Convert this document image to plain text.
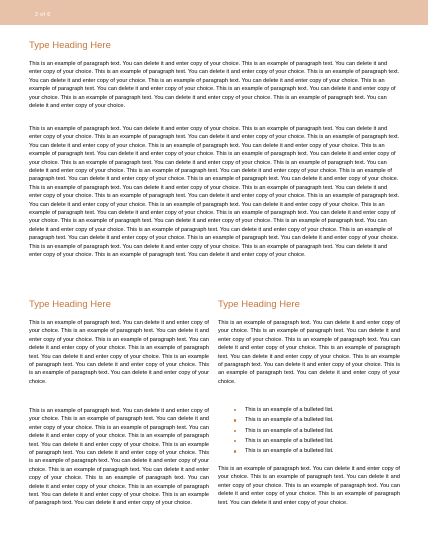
2 of 6
Type Heading Here

This is an example of paragraph text. You can delete it and enter copy of your choice. This is an example of paragraph text. You can delete it and enter copy of your choice. This is an example of paragraph text. You can delete it and enter copy of your choice. This is an example of paragraph text. You can delete it and enter copy of your choice. This is an example of paragraph text. You can delete it and enter copy of your choice. This is an example of paragraph text. You can delete it and enter copy of your choice. This is an example of paragraph text. You can delete it and enter copy of your choice. This is an example of paragraph text. You can delete it and enter copy of your choice. This is an example of paragraph text. You can delete it and enter copy of your choice.

This is an example of paragraph text. You can delete it and enter copy of your choice. This is an example of paragraph text. You can delete it and enter copy of your choice. This is an example of paragraph text. You can delete it and enter copy of your choice. This is an example of paragraph text. You can delete it and enter copy of your choice. This is an example of paragraph text. You can delete it and enter copy of your choice. This is an example of paragraph text. You can delete it and enter copy of your choice. This is an example of paragraph text. You can delete it and enter copy of your choice. This is an example of paragraph text. You can delete it and enter copy of your choice. This is an example of paragraph text. You can delete it and enter copy of your choice. This is an example of paragraph text. You can delete it and enter copy of your choice. This is an example of paragraph text. You can delete it and enter copy of your choice. This is an example of paragraph text. You can delete it and enter copy of your choice. This is an example of paragraph text. You can delete it and enter copy of your choice. This is an example of paragraph text. You can delete it and enter copy of your choice. This is an example of paragraph text. You can delete it and enter copy of your choice. This is an example of paragraph text. You can delete it and enter copy of your choice. This is an example of paragraph text. You can delete it and enter copy of your choice. This is an example of paragraph text. You can delete it and enter copy of your choice. This is an example of paragraph text. You can delete it and enter copy of your choice. This is an example of paragraph text. You can delete it and enter copy of your choice. This is an example of paragraph text. You can delete it and enter copy of your choice. This is an example of paragraph text. You can delete it and enter copy of your choice. This is an example of paragraph text. You can delete it and enter copy of your choice. This is an example of paragraph text. You can delete it and enter copy of your choice. This is an example of paragraph text. You can delete it and enter copy of your choice. This is an example of paragraph text. You can delete it and enter copy of your choice. This is an example of paragraph text. You can delete it and enter copy of your choice.

Type Heading Here

This is an example of paragraph text. You can delete it and enter copy of your choice. This is an example of paragraph text. You can delete it and enter copy of your choice. This is an example of paragraph text. You can delete it and enter copy of your choice. This is an example of paragraph text. You can delete it and enter copy of your choice. This is an example of paragraph text. You can delete it and enter copy of your choice. This is an example of paragraph text. You can delete it and enter copy of your choice.

This is an example of paragraph text. You can delete it and enter copy of your choice. This is an example of paragraph text. You can delete it and enter copy of your choice. This is an example of paragraph text. You can delete it and enter copy of your choice. This is an example of paragraph text. You can delete it and enter copy of your choice. This is an example of paragraph text. You can delete it and enter copy of your choice. This is an example of paragraph text. You can delete it and enter copy of your choice. This is an example of paragraph text. You can delete it and enter copy of your choice. This is an example of paragraph text. You can delete it and enter copy of your choice. This is an example of paragraph text. You can delete it and enter copy of your choice. This is an example of paragraph text. You can delete it and enter copy of your choice.

Type Heading Here

This is an example of paragraph text. You can delete it and enter copy of your choice. This is an example of paragraph text. You can delete it and enter copy of your choice. This is an example of paragraph text. You can delete it and enter copy of your choice. This is an example of paragraph text. You can delete it and enter copy of your choice. This is an example of paragraph text. You can delete it and enter copy of your choice. This is an example of paragraph text. You can delete it and enter copy of your choice.

This is an example of a bulleted list.
This is an example of a bulleted list.
This is an example of a bulleted list.
This is an example of a bulleted list.
This is an example of a bulleted list.

This is an example of paragraph text. You can delete it and enter copy of your choice. This is an example of paragraph text. You can delete it and enter copy of your choice. This is an example of paragraph text. You can delete it and enter copy of your choice. This is an example of paragraph text. You can delete it and enter copy of your choice.
